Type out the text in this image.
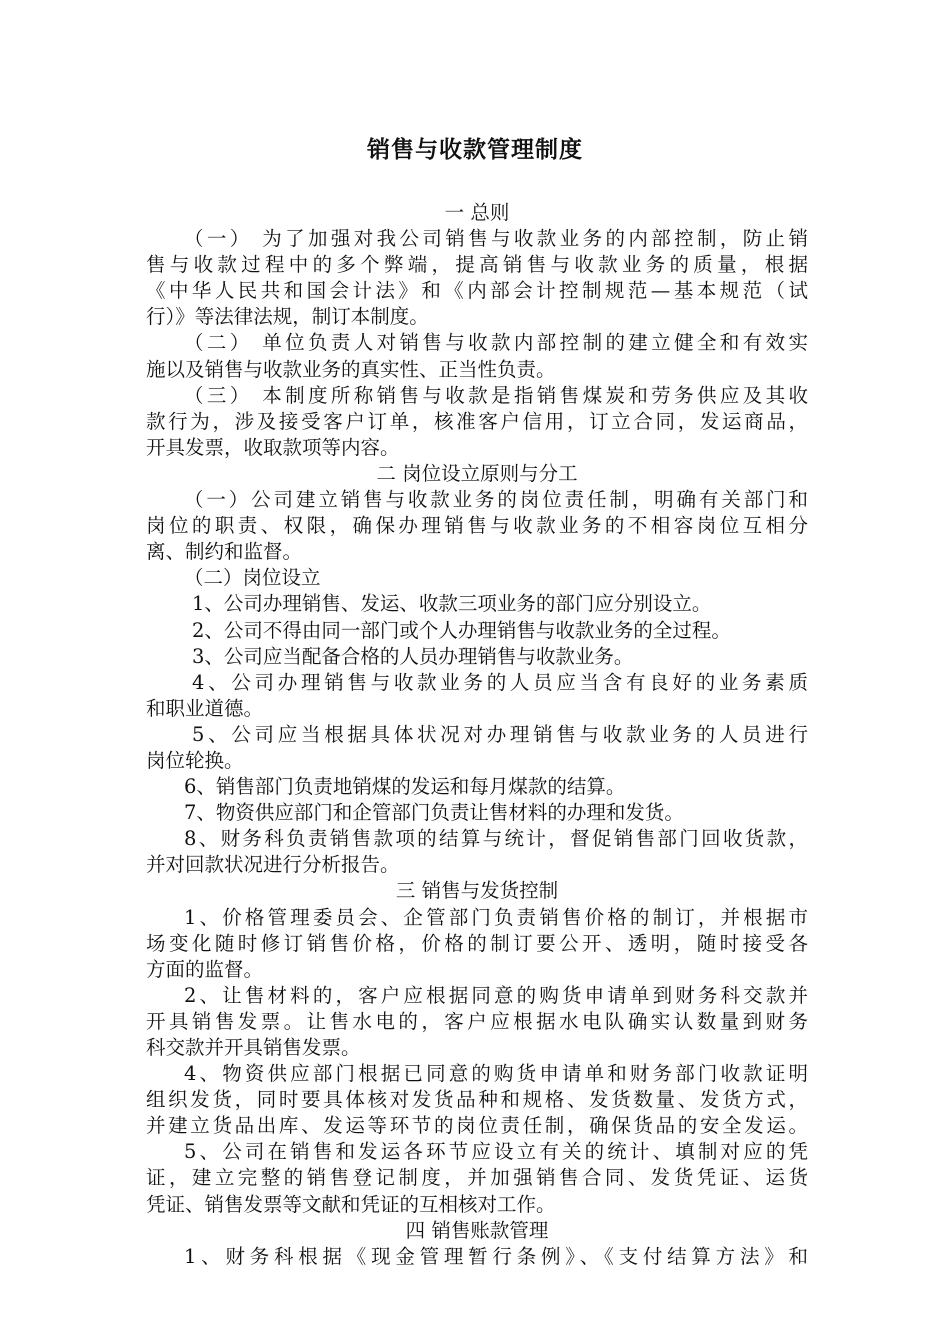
销售与收款管理制度
一 总则
（一） 为了加强对我公司销售与收款业务的内部控制，防止销
售与收款过程中的多个弊端，提高销售与收款业务的质量，根据
《中华人民共和国会计法》和《内部会计控制规范—基本规范（试
行）》等法律法规，制订本制度。
（二） 单位负责人对销售与收款内部控制的建立健全和有效实
施以及销售与收款业务的真实性、正当性负责。
（三） 本制度所称销售与收款是指销售煤炭和劳务供应及其收
款行为，涉及接受客户订单，核准客户信用，订立合同，发运商品，
开具发票，收取款项等内容。
二 岗位设立原则与分工
（一）公司建立销售与收款业务的岗位责任制，明确有关部门和
岗位的职责、权限，确保办理销售与收款业务的不相容岗位互相分
离、制约和监督。
（二）岗位设立
1、公司办理销售、发运、收款三项业务的部门应分别设立。
2、公司不得由同一部门或个人办理销售与收款业务的全过程。
3、公司应当配备合格的人员办理销售与收款业务。
4、公司办理销售与收款业务的人员应当含有良好的业务素质
和职业道德。
5、公司应当根据具体状况对办理销售与收款业务的人员进行
岗位轮换。
6、销售部门负责地销煤的发运和每月煤款的结算。
7、物资供应部门和企管部门负责让售材料的办理和发货。
8、财务科负责销售款项的结算与统计，督促销售部门回收货款，
并对回款状况进行分析报告。
三 销售与发货控制
1、价格管理委员会、企管部门负责销售价格的制订，并根据市
场变化随时修订销售价格，价格的制订要公开、透明，随时接受各
方面的监督。
2、让售材料的，客户应根据同意的购货申请单到财务科交款并
开具销售发票。让售水电的，客户应根据水电队确实认数量到财务
科交款并开具销售发票。
4、物资供应部门根据已同意的购货申请单和财务部门收款证明
组织发货，同时要具体核对发货品种和规格、发货数量、发货方式，
并建立货品出库、发运等环节的岗位责任制，确保货品的安全发运。
5、公司在销售和发运各环节应设立有关的统计、填制对应的凭
证，建立完整的销售登记制度，并加强销售合同、发货凭证、运货
凭证、销售发票等文献和凭证的互相核对工作。
四 销售账款管理
1、财务科根据《现金管理暂行条例》、《支付结算方法》和
